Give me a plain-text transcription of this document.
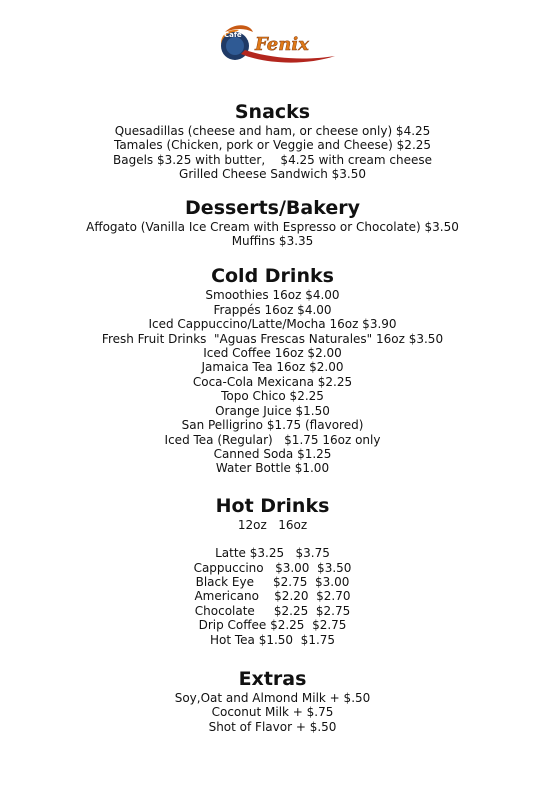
Cafe Fenix
Snacks
Quesadillas (cheese and ham, or cheese only) $4.25
Tamales (Chicken, pork or Veggie and Cheese) $2.25
Bagels $3.25 with butter,    $4.25 with cream cheese
Grilled Cheese Sandwich $3.50
Desserts/Bakery
Affogato (Vanilla Ice Cream with Espresso or Chocolate) $3.50
Muffins $3.35
Cold Drinks
Smoothies 16oz $4.00
Frappés 16oz $4.00
Iced Cappuccino/Latte/Mocha 16oz $3.90
Fresh Fruit Drinks  "Aguas Frescas Naturales" 16oz $3.50
Iced Coffee 16oz $2.00
Jamaica Tea 16oz $2.00
Coca-Cola Mexicana $2.25
Topo Chico $2.25
Orange Juice $1.50
San Pelligrino $1.75 (flavored)
Iced Tea (Regular)   $1.75 16oz only
Canned Soda $1.25
Water Bottle $1.00
Hot Drinks
12oz   16oz
Latte $3.25   $3.75
Cappuccino   $3.00  $3.50
Black Eye     $2.75  $3.00
Americano    $2.20  $2.70
Chocolate     $2.25  $2.75
Drip Coffee $2.25  $2.75
Hot Tea $1.50  $1.75
Extras
Soy,Oat and Almond Milk + $.50
Coconut Milk + $.75
Shot of Flavor + $.50
